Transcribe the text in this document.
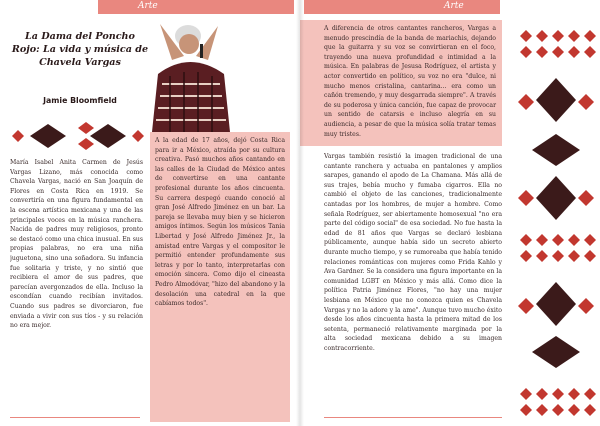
Arte
La Dama del Poncho Rojo: La vida y música de Chavela Vargas
Jamie Bloomfield
María Isabel Anita Carmen de Jesús Vargas Lizano, más conocida como Chavela Vargas, nació en San Joaquín de Flores en Costa Rica en 1919. Se convertiría en una figura fundamental en la escena artística mexicana y una de las principales voces en la música ranchera. Nacida de padres muy religiosos, pronto se destacó como una chica inusual. En sus propias palabras, no era una niña juguetona, sino una soñadora. Su infancia fue solitaria y triste, y no sintió que recibiera el amor de sus padres, que parecían avergonzados de ella. Incluso la escondían cuando recibían invitados. Cuando sus padres se divorciaron, fue enviada a vivir con sus tíos - y su relación no era mejor.
A la edad de 17 años, dejó Costa Rica para ir a México, atraída por su cultura creativa. Pasó muchos años cantando en las calles de la Ciudad de México antes de convertirse en una cantante profesional durante los años cincuenta. Su carrera despegó cuando conoció al gran José Alfredo Jiménez en un bar. La pareja se llevaba muy bien y se hicieron amigos íntimos. Según los músicos Tania Libertad y José Alfredo Jiménez Jr., la amistad entre Vargas y el compositor le permitió entender profundamente sus letras y por lo tanto, interpretarlas con emoción sincera. Como dijo el cineasta Pedro Almodóvar, "hizo del abandono y la desolación una catedral en la que cabíamos todos".
Arte
A diferencia de otros cantantes rancheros, Vargas a menudo prescindía de la banda de mariachis, dejando que la guitarra y su voz se convirtieran en el foco, trayendo una nueva profundidad e intimidad a la música. En palabras de Jesusa Rodríguez, el artista y actor convertido en político, su voz no era "dulce, ni mucho menos cristalina, cantarina... era como un cañón tremendo, y muy desgarrada siempre". A través de su poderosa y única canción, fue capaz de provocar un sentido de catarsis e incluso alegría en su audiencia, a pesar de que la música solía tratar temas muy tristes.
Vargas también resistió la imagen tradicional de una cantante ranchera y actuaba en pantalones y amplios sarapes, ganando el apodo de La Chamana. Más allá de sus trajes, bebía mucho y fumaba cigarros. Ella no cambió el objeto de las canciones, tradicionalmente cantadas por los hombres, de mujer a hombre. Como señala Rodríguez, ser abiertamente homosexual "no era parte del código social" de esa sociedad. No fue hasta la edad de 81 años que Vargas se declaró lesbiana públicamente, aunque había sido un secreto abierto durante mucho tiempo, y se rumoreaba que había tenido relaciones románticas con mujeres como Frida Kahlo y Ava Gardner. Se la considera una figura importante en la comunidad LGBT en México y más allá. Como dice la política Patria Jiménez Flores, "no hay una mujer lesbiana en México que no conozca quien es Chavela Vargas y no la adore y la ame". Aunque tuvo mucho éxito desde los años cincuenta hasta la primera mitad de los setenta, permaneció relativamente marginada por la alta sociedad mexicana debido a su imagen contracorriente.
